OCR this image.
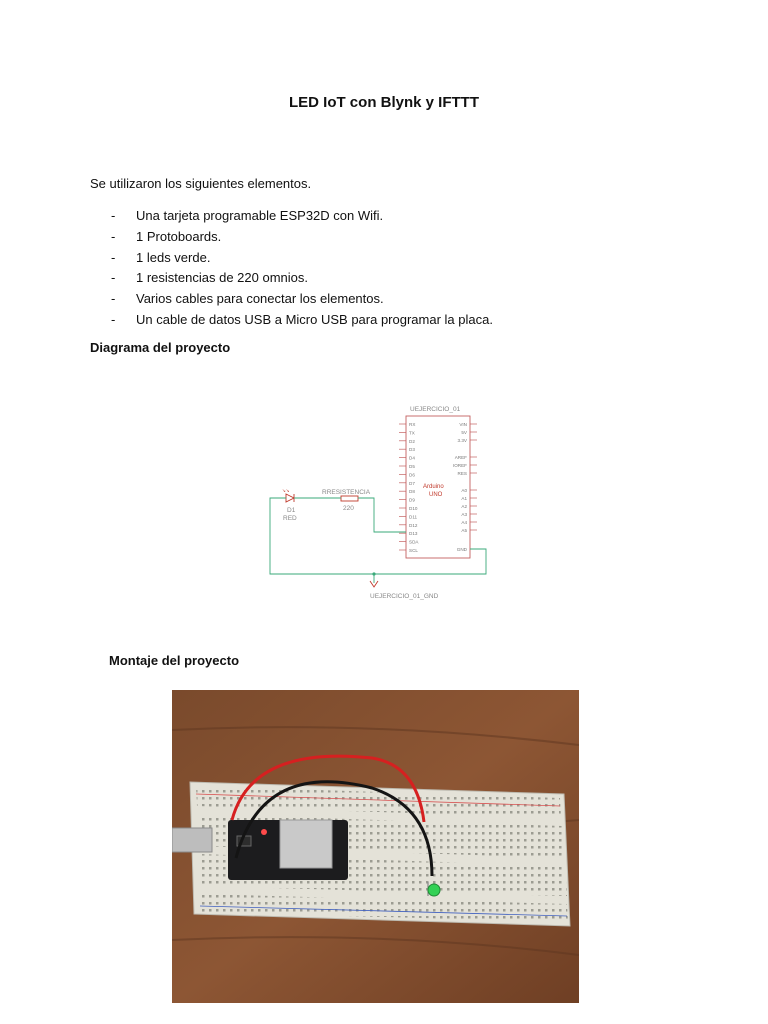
LED IoT con Blynk y IFTTT
Se utilizaron los siguientes elementos.
- Una tarjeta programable ESP32D con Wifi.
- 1 Protoboards.
- 1 leds verde.
- 1 resistencias de 220 omnios.
- Varios cables para conectar los elementos.
- Un cable de datos USB a Micro USB para programar la placa.
Diagrama del proyecto
UEJERCICIO_01
RX
TX
D2
D3
D4
D5
D6
D7
D8
D9
D10
D11
D12
D13
SDA
SCL
VIN
5V
3.3V
AREF
IOREF
RES
A0
A1
A2
A3
A4
A5
GND
Arduino
UNO
↘↘
D1
RED
RRESISTENCIA
220
UEJERCICIO_01_GND
Montaje del proyecto
